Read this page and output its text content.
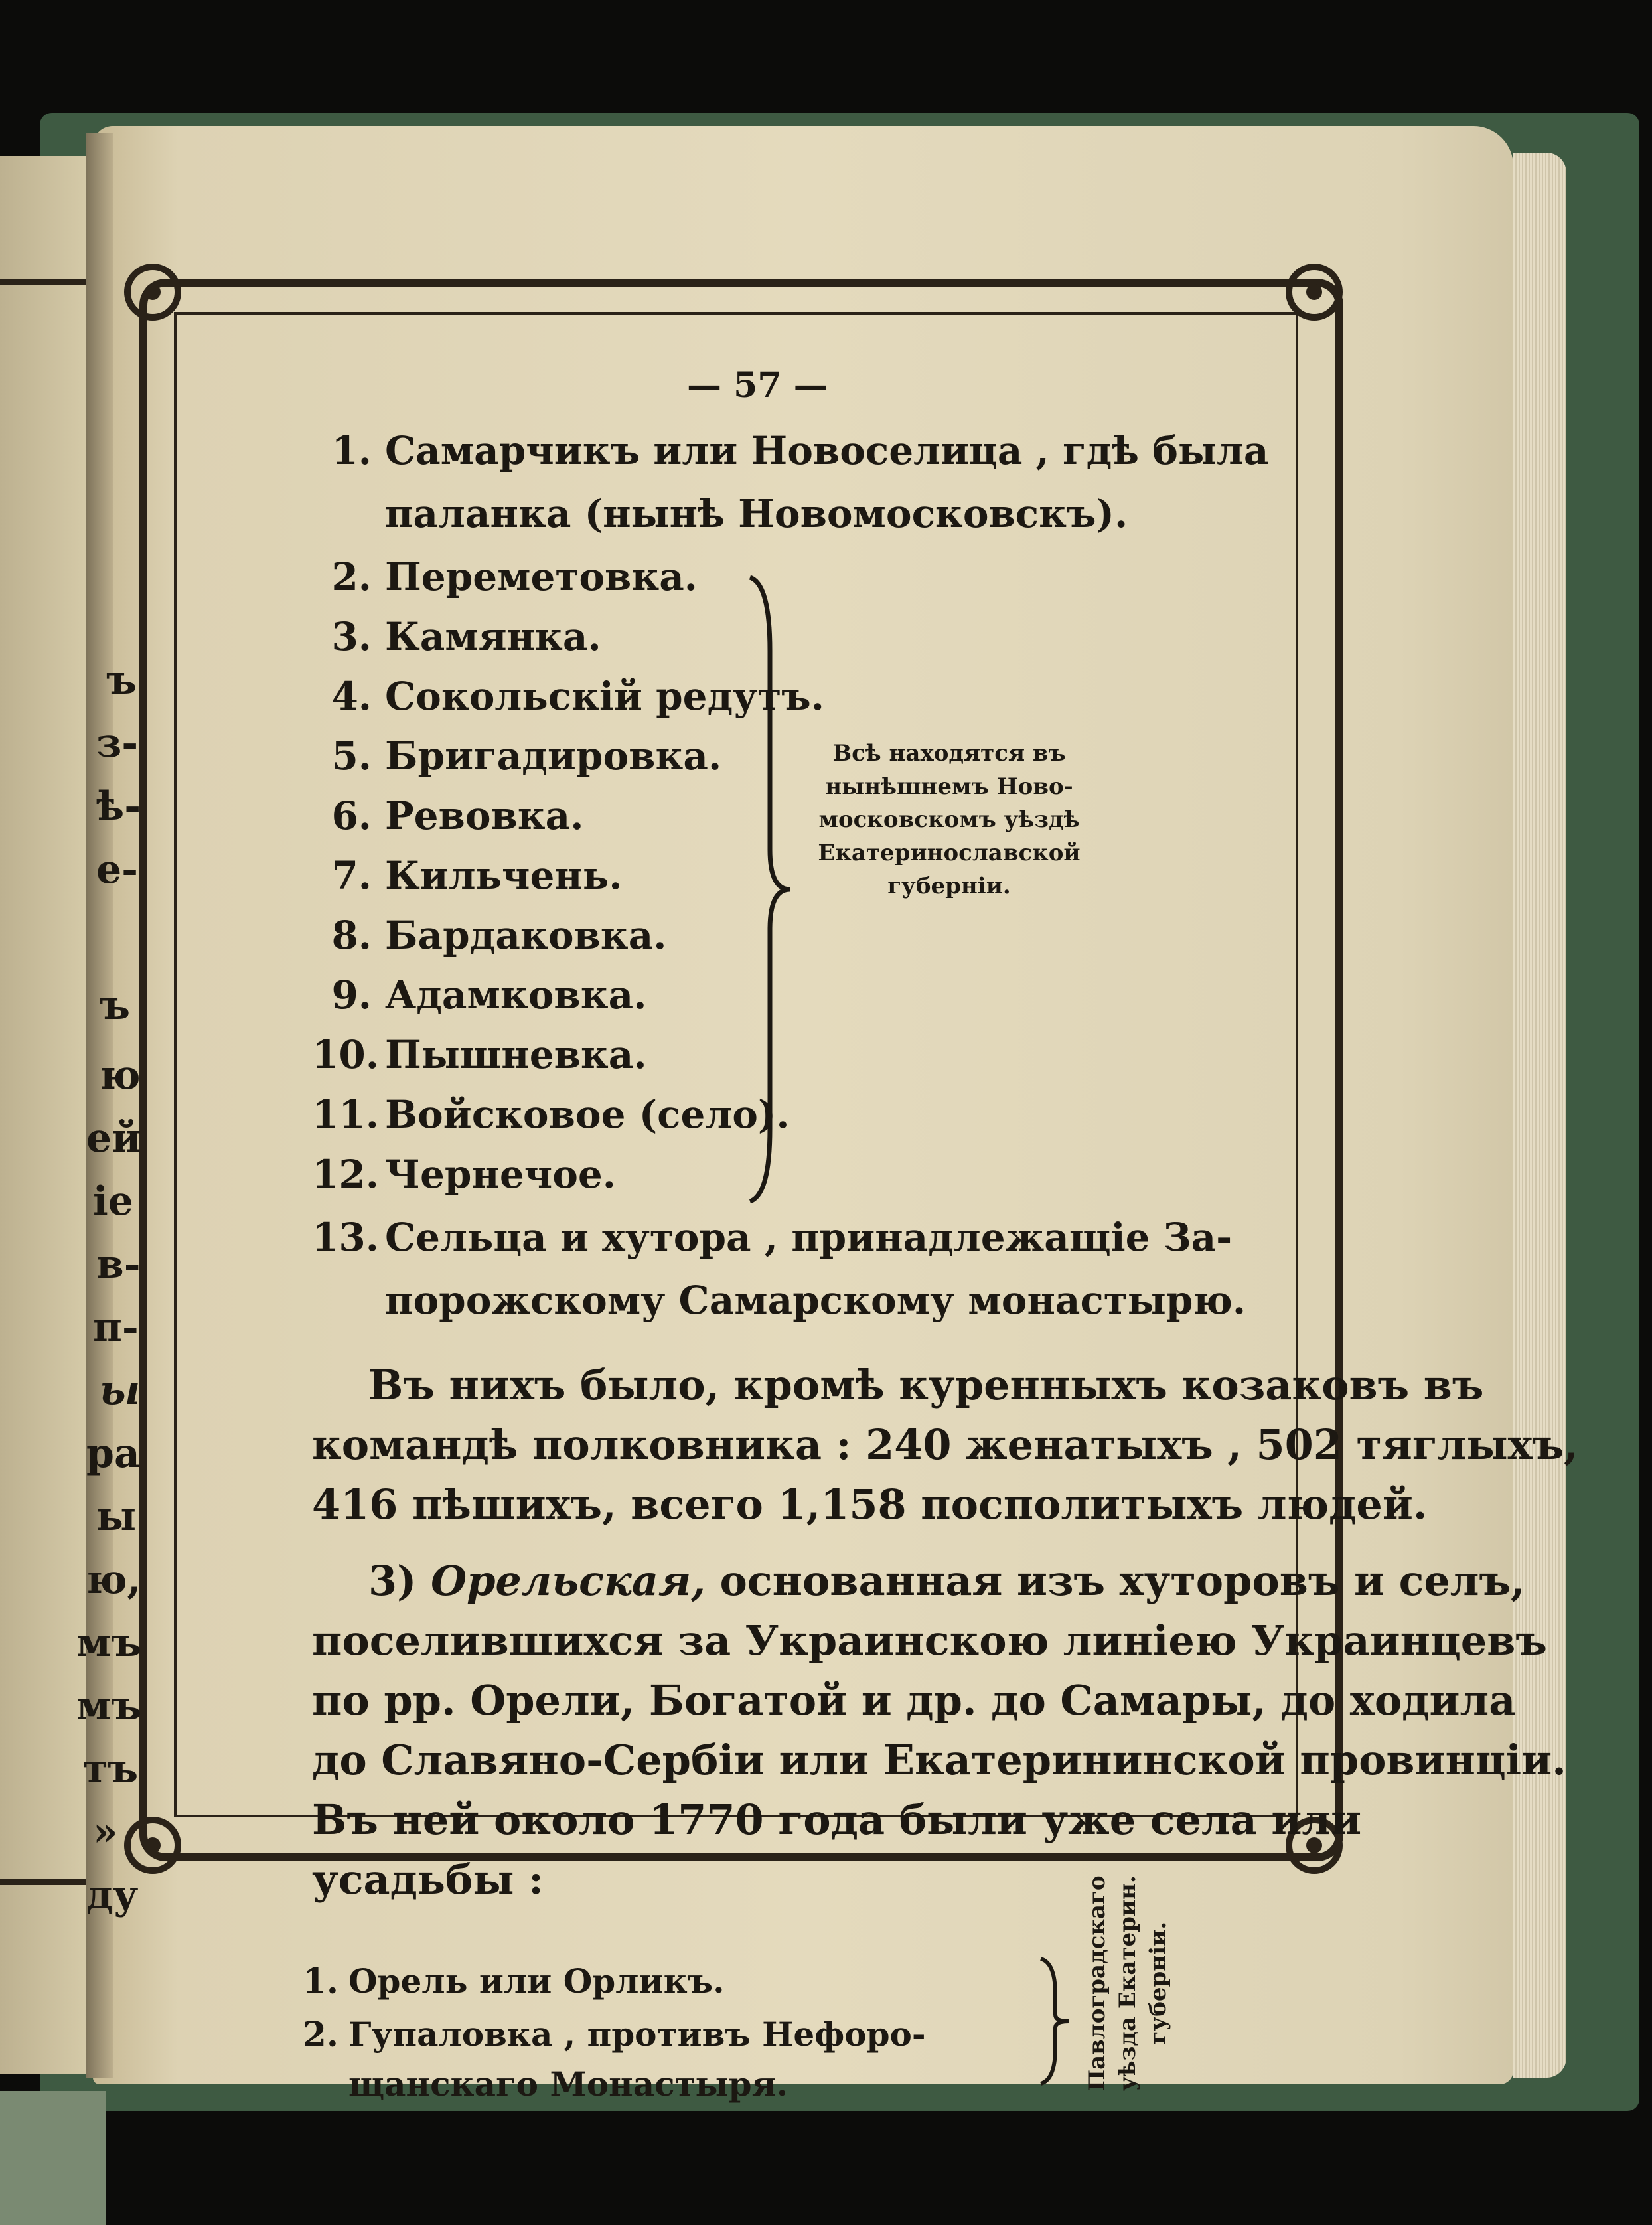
ъ
з-
ѣ-
е-
ъ
ю
ей
іе
в-
п-
ы
ра
ы
ю,
мъ
мъ
тъ
»
ду
— 57 —
1. Самарчикъ или Новоселица , гдѣ была
паланка (нынѣ Новомосковскъ).
2. Переметовка.
3. Камянка.
4. Сокольскій редутъ.
5. Бригадировка.
6. Ревовка.
7. Кильчень.
8. Бардаковка.
9. Адамковка.
10. Пышневка.
11. Войсковое (село).
12. Чернечое.
13. Сельца и хутора , принадлежащіе За-
порожскому Самарскому монастырю.
Всѣ находятся въ
нынѣшнемъ Ново-
московскомъ уѣздѣ
Екатеринославской
губерніи.
Въ нихъ было, кромѣ куренныхъ козаковъ въ
командѣ полковника : 240 женатыхъ , 502 тяглыхъ,
416 пѣшихъ, всего 1,158 посполитыхъ людей.
3) Орельская, основанная изъ хуторовъ и селъ,
поселившихся за Украинскою линіею Украинцевъ
по рр. Орели, Богатой и др. до Самары, до ходила
до Славяно-Сербіи или Екатерининской провинціи.
Въ ней около 1770 года были уже села или
усадьбы :
1. Орель или Орликъ.
2. Гупаловка , противъ Нефоро-
щанскаго Монастыря.	Павлоградскаго уѣзда Екатерин. губерніи.
